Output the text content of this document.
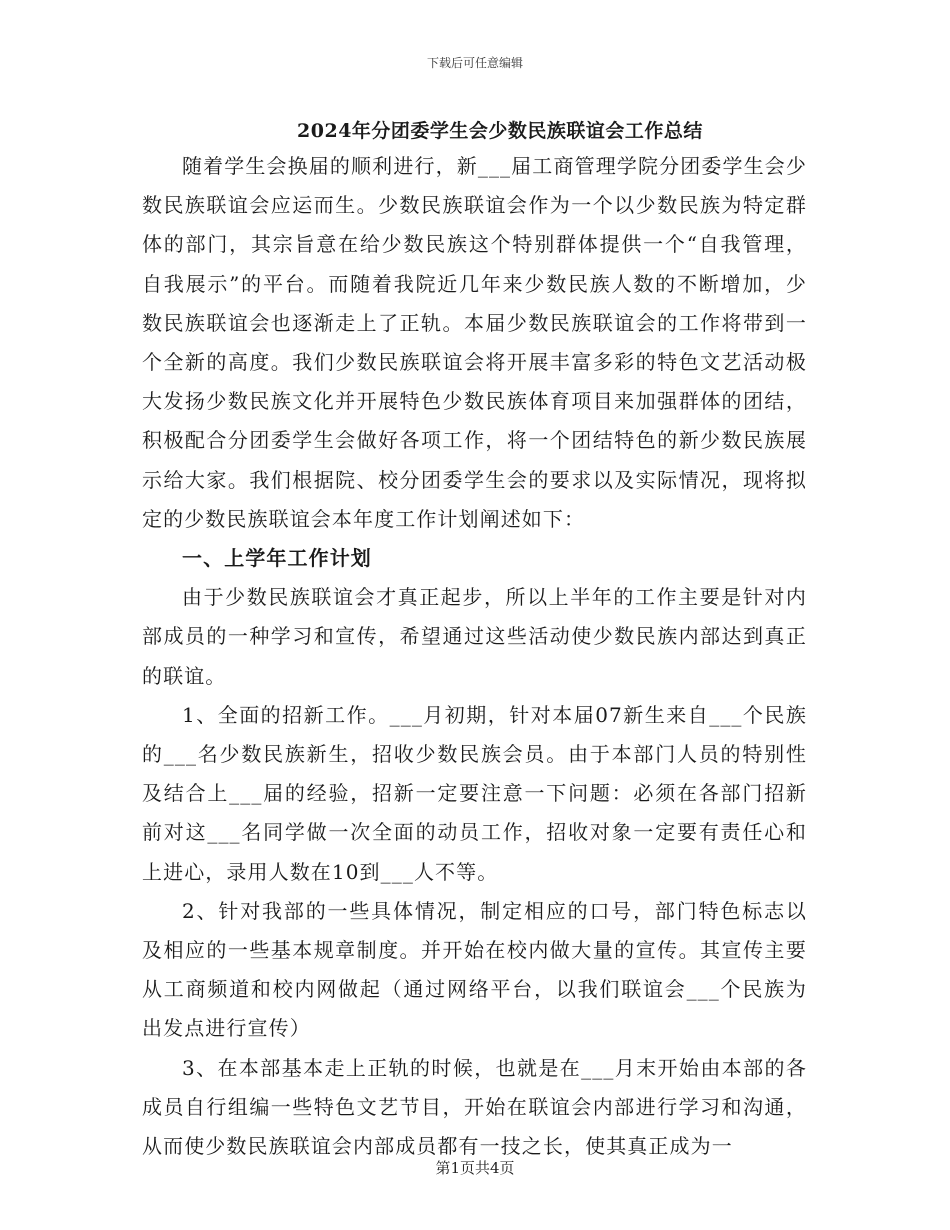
下载后可任意编辑
2024年分团委学生会少数民族联谊会工作总结

随着学生会换届的顺利进行，新___届工商管理学院分团委学生会少数民族联谊会应运而生。少数民族联谊会作为一个以少数民族为特定群体的部门，其宗旨意在给少数民族这个特别群体提供一个“自我管理，自我展示”的平台。而随着我院近几年来少数民族人数的不断增加，少数民族联谊会也逐渐走上了正轨。本届少数民族联谊会的工作将带到一个全新的高度。我们少数民族联谊会将开展丰富多彩的特色文艺活动极大发扬少数民族文化并开展特色少数民族体育项目来加强群体的团结，积极配合分团委学生会做好各项工作，将一个团结特色的新少数民族展示给大家。我们根据院、校分团委学生会的要求以及实际情况，现将拟定的少数民族联谊会本年度工作计划阐述如下：

一、上学年工作计划

由于少数民族联谊会才真正起步，所以上半年的工作主要是针对内部成员的一种学习和宣传，希望通过这些活动使少数民族内部达到真正的联谊。

1、全面的招新工作。___月初期，针对本届07新生来自___个民族的___名少数民族新生，招收少数民族会员。由于本部门人员的特别性及结合上___届的经验，招新一定要注意一下问题：必须在各部门招新前对这___名同学做一次全面的动员工作，招收对象一定要有责任心和上进心，录用人数在10到___人不等。

2、针对我部的一些具体情况，制定相应的口号，部门特色标志以及相应的一些基本规章制度。并开始在校内做大量的宣传。其宣传主要从工商频道和校内网做起（通过网络平台，以我们联谊会___个民族为出发点进行宣传）

3、在本部基本走上正轨的时候，也就是在___月末开始由本部的各成员自行组编一些特色文艺节目，开始在联谊会内部进行学习和沟通，从而使少数民族联谊会内部成员都有一技之长，使其真正成为一

第1页共4页
